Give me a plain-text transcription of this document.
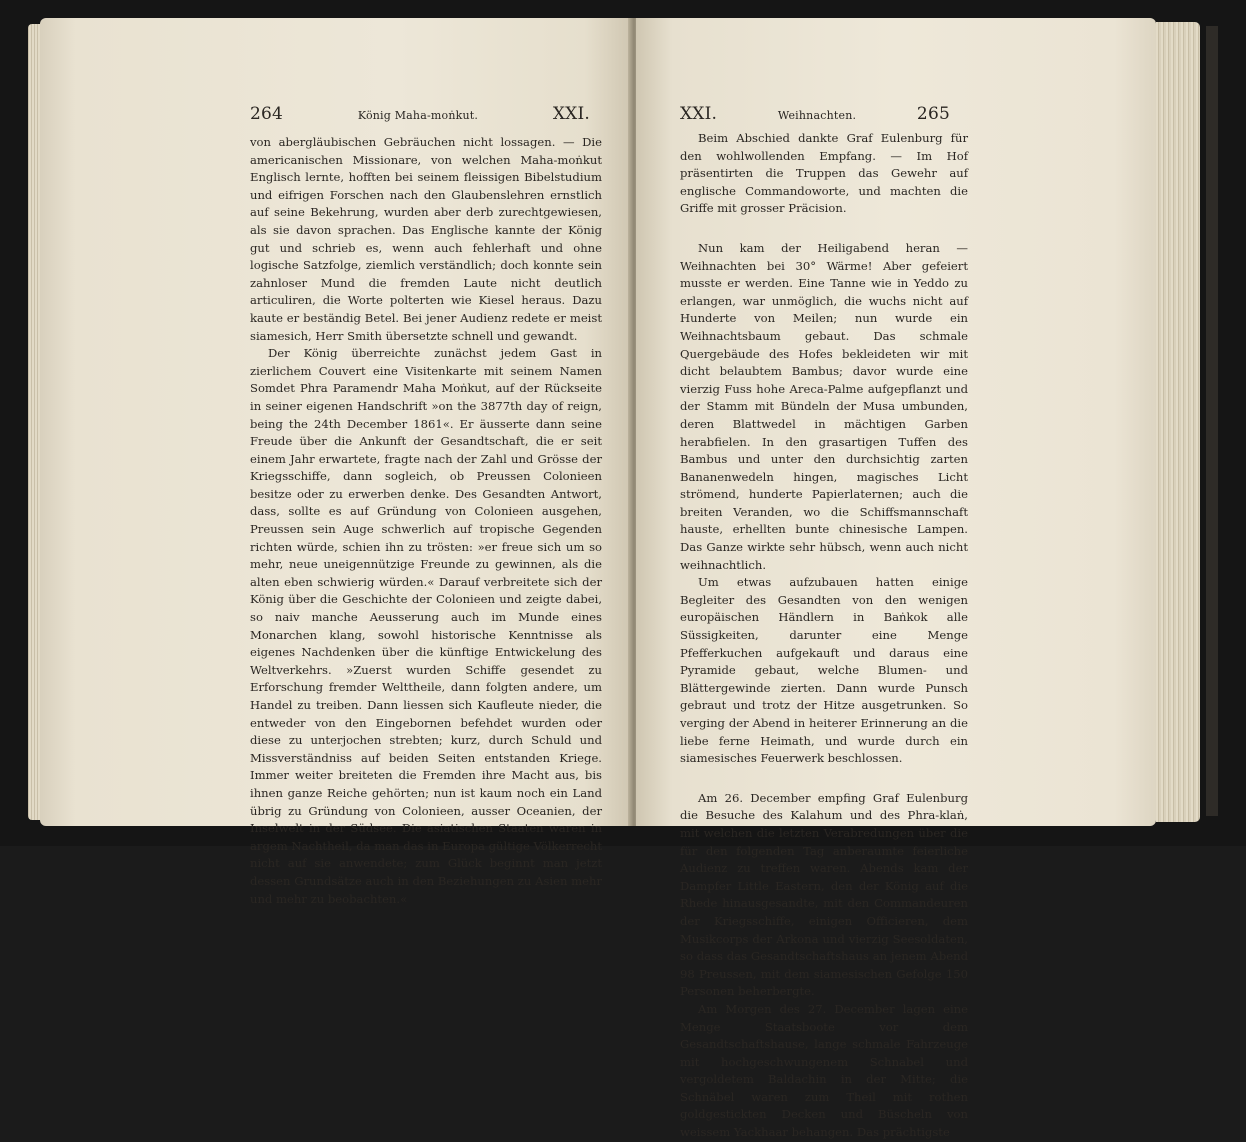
264	König Maha-moṅkut.	XXI.

von abergläubischen Gebräuchen nicht lossagen. — Die americanischen Missionare, von welchen Maha-moṅkut Englisch lernte, hofften bei seinem fleissigen Bibelstudium und eifrigen Forschen nach den Glaubenslehren ernstlich auf seine Bekehrung, wurden aber derb zurechtgewiesen, als sie davon sprachen. Das Englische kannte der König gut und schrieb es, wenn auch fehlerhaft und ohne logische Satzfolge, ziemlich verständlich; doch konnte sein zahnloser Mund die fremden Laute nicht deutlich articuliren, die Worte polterten wie Kiesel heraus. Dazu kaute er beständig Betel. Bei jener Audienz redete er meist siamesich, Herr Smith übersetzte schnell und gewandt.

Der König überreichte zunächst jedem Gast in zierlichem Couvert eine Visitenkarte mit seinem Namen Somdet Phra Paramendr Maha Moṅkut, auf der Rückseite in seiner eigenen Handschrift »on the 3877th day of reign, being the 24th December 1861«. Er äusserte dann seine Freude über die Ankunft der Gesandtschaft, die er seit einem Jahr erwartete, fragte nach der Zahl und Grösse der Kriegsschiffe, dann sogleich, ob Preussen Colonieen besitze oder zu erwerben denke. Des Gesandten Antwort, dass, sollte es auf Gründung von Colonieen ausgehen, Preussen sein Auge schwerlich auf tropische Gegenden richten würde, schien ihn zu trösten: »er freue sich um so mehr, neue uneigennützige Freunde zu gewinnen, als die alten eben schwierig würden.« Darauf verbreitete sich der König über die Geschichte der Colonieen und zeigte dabei, so naiv manche Aeusserung auch im Munde eines Monarchen klang, sowohl historische Kenntnisse als eigenes Nachdenken über die künftige Entwickelung des Weltverkehrs. »Zuerst wurden Schiffe gesendet zu Erforschung fremder Welttheile, dann folgten andere, um Handel zu treiben. Dann liessen sich Kaufleute nieder, die entweder von den Eingebornen befehdet wurden oder diese zu unterjochen strebten; kurz, durch Schuld und Missverständniss auf beiden Seiten entstanden Kriege. Immer weiter breiteten die Fremden ihre Macht aus, bis ihnen ganze Reiche gehörten; nun ist kaum noch ein Land übrig zu Gründung von Colonieen, ausser Oceanien, der Inselwelt in der Südsee. Die asiatischen Staaten waren in argem Nachtheil, da man das in Europa gültige Völkerrecht nicht auf sie anwendete; zum Glück beginnt man jetzt dessen Grundsätze auch in den Beziehungen zu Asien mehr und mehr zu beobachten.«

XXI.	Weihnachten.	265

Beim Abschied dankte Graf Eulenburg für den wohlwollenden Empfang. — Im Hof präsentirten die Truppen das Gewehr auf englische Commandoworte, und machten die Griffe mit grosser Präcision.

Nun kam der Heiligabend heran — Weihnachten bei 30° Wärme! Aber gefeiert musste er werden. Eine Tanne wie in Yeddo zu erlangen, war unmöglich, die wuchs nicht auf Hunderte von Meilen; nun wurde ein Weihnachtsbaum gebaut. Das schmale Quergebäude des Hofes bekleideten wir mit dicht belaubtem Bambus; davor wurde eine vierzig Fuss hohe Areca-Palme aufgepflanzt und der Stamm mit Bündeln der Musa umbunden, deren Blattwedel in mächtigen Garben herabfielen. In den grasartigen Tuffen des Bambus und unter den durchsichtig zarten Bananenwedeln hingen, magisches Licht strömend, hunderte Papierlaternen; auch die breiten Veranden, wo die Schiffsmannschaft hauste, erhellten bunte chinesische Lampen. Das Ganze wirkte sehr hübsch, wenn auch nicht weihnachtlich.

Um etwas aufzubauen hatten einige Begleiter des Gesandten von den wenigen europäischen Händlern in Baṅkok alle Süssigkeiten, darunter eine Menge Pfefferkuchen aufgekauft und daraus eine Pyramide gebaut, welche Blumen- und Blättergewinde zierten. Dann wurde Punsch gebraut und trotz der Hitze ausgetrunken. So verging der Abend in heiterer Erinnerung an die liebe ferne Heimath, und wurde durch ein siamesisches Feuerwerk beschlossen.

Am 26. December empfing Graf Eulenburg die Besuche des Kalahum und des Phra-klaṅ, mit welchen die letzten Verabredungen über die für den folgenden Tag anberaumte feierliche Audienz zu treffen waren. Abends kam der Dampfer Little Eastern, den der König auf die Rhede hinausgesandte, mit den Commandeuren der Kriegsschiffe, einigen Officieren, dem Musikcorps der Arkona und vierzig Seesoldaten, so dass das Gesandtschaftshaus an jenem Abend 98 Preussen, mit dem siamesischen Gefolge 150 Personen beherbergte.

Am Morgen des 27. December lagen eine Menge Staatsboote vor dem Gesandtschaftshause, lange schmale Fahrzeuge mit hochgeschwungenem Schnabel und vergoldetem Baldachin in der Mitte; die Schnäbel waren zum Theil mit rothen goldgestickten Decken und Büscheln von weissem Yackhaar behangen. Das prächtigste
